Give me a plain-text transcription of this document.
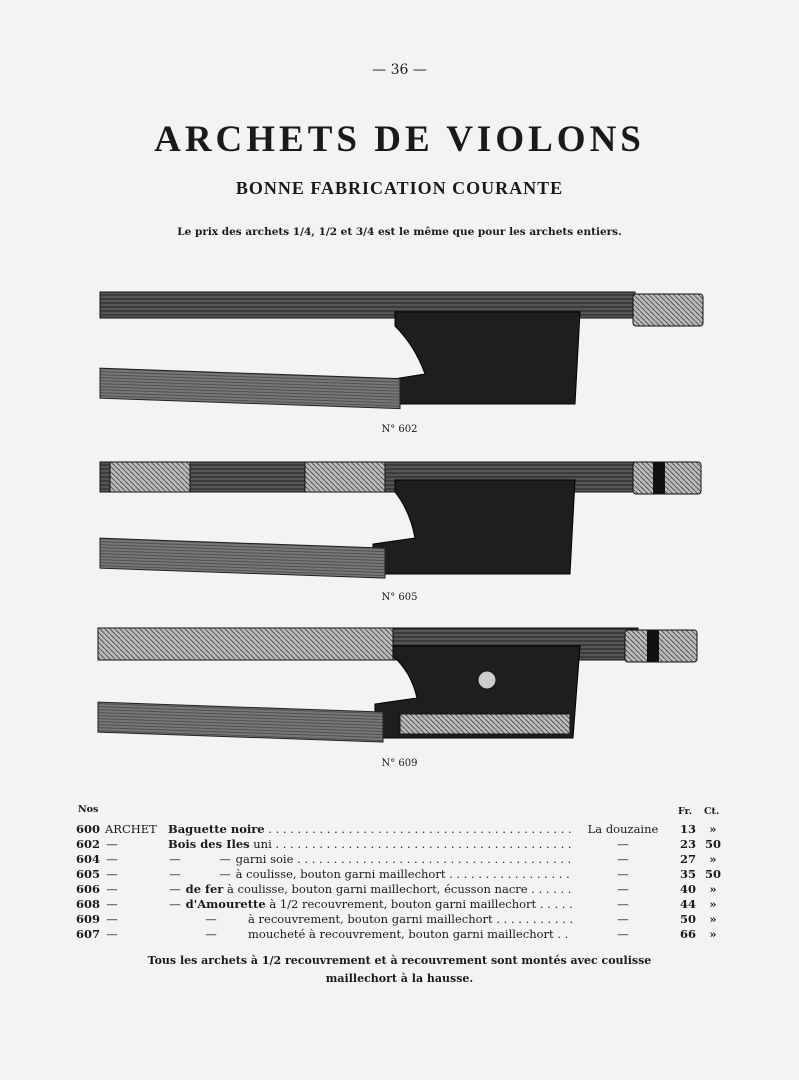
— 36 —
ARCHETS DE VIOLONS
BONNE FABRICATION COURANTE
Le prix des archets 1/4, 1/2 et 3/4 est le même que pour les archets entiers.
N° 602
N° 605
N° 609
Nos	Fr. Ct.
600 ARCHET Baguette noire . . .	La douzaine	13	»
602 —	Bois des Iles uni . . .	—	23 50
604 —	—	— garni soie . . .	—	27	»
605 —	—	— à coulisse, bouton garni maillechort . . .	—	35 50
606 —	— de fer à coulisse, bouton garni maillechort, écusson nacre . . .	—	40	»
608 —	— d'Amourette à 1/2 recouvrement, bouton garni maillechort . . .	—	44	»
609 —	—	à recouvrement, bouton garni maillechort . . .	—	50	»
607 —	—	moucheté à recouvrement, bouton garni maillechort . . .	—	66	»
Tous les archets à 1/2 recouvrement et à recouvrement sont montés avec coulisse
maillechort à la hausse.
